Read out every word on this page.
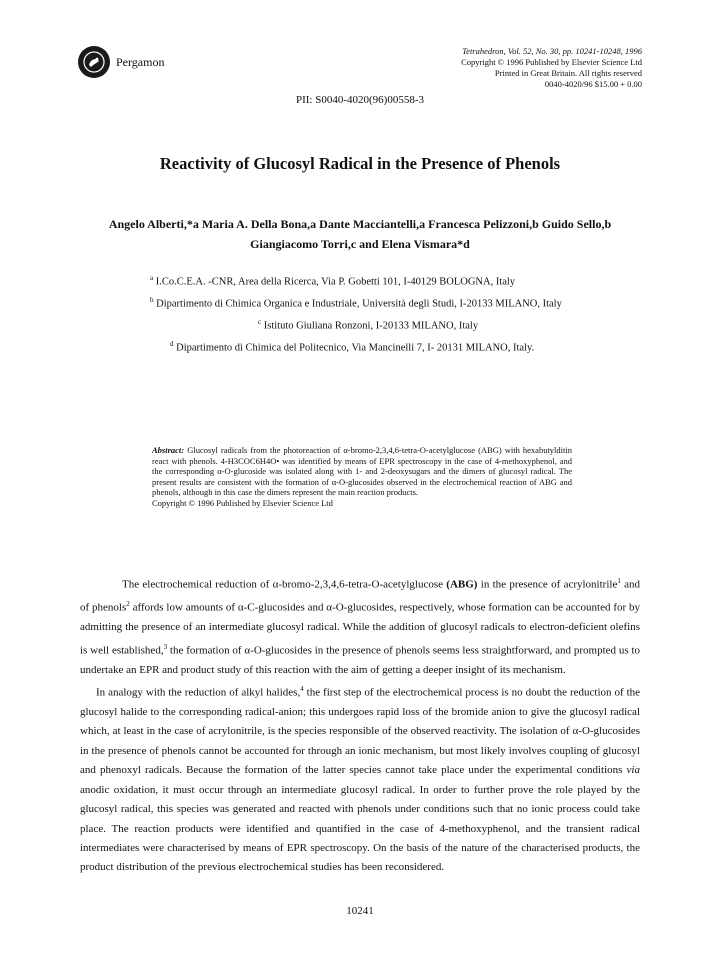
Pergamon
Tetrahedron, Vol. 52, No. 30, pp. 10241-10248, 1996
Copyright © 1996 Published by Elsevier Science Ltd
Printed in Great Britain. All rights reserved
0040-4020/96 $15.00 + 0.00
PII: S0040-4020(96)00558-3
Reactivity of Glucosyl Radical in the Presence of Phenols
Angelo Alberti,*a Maria A. Della Bona,a Dante Macciantelli,a Francesca Pelizzoni,b Guido Sello,b
Giangiacomo Torri,c and Elena Vismara*d
$^a$ I.Co.C.E.A. -CNR, Area della Ricerca, Via P. Gobetti 101, I-40129 BOLOGNA, Italy
$^b$ Dipartimento di Chimica Organica e Industriale, Università degli Studi, I-20133 MILANO, Italy
$^c$ Istituto Giuliana Ronzoni, I-20133 MILANO, Italy
$^d$ Dipartimento di Chimica del Politecnico, Via Mancinelli 7, I- 20131 MILANO, Italy.
Abstract: Glucosyl radicals from the photoreaction of α-bromo-2,3,4,6-tetra-O-acetylglucose (ABG) with hexabutylditin react with phenols. 4-H3COC6H4O• was identified by means of EPR spectroscopy in the case of 4-methoxyphenol, and the corresponding α-O-glucoside was isolated along with 1- and 2-deoxysugars and the dimers of glucosyl radical. The present results are consistent with the formation of α-O-glucosides observed in the electrochemical reaction of ABG and phenols, although in this case the dimers represent the main reaction products.
Copyright © 1996 Published by Elsevier Science Ltd

The electrochemical reduction of α-bromo-2,3,4,6-tetra-O-acetylglucose (ABG) in the presence of acrylonitrile$^1$ and of phenols$^2$ affords low amounts of α-C-glucosides and α-O-glucosides, respectively, whose formation can be accounted for by admitting the presence of an intermediate glucosyl radical. While the addition of glucosyl radicals to electron-deficient olefins is well established,$^3$ the formation of α-O-glucosides in the presence of phenols seems less straightforward, and prompted us to undertake an EPR and product study of this reaction with the aim of getting a deeper insight of its mechanism.

In analogy with the reduction of alkyl halides,$^4$ the first step of the electrochemical process is no doubt the reduction of the glucosyl halide to the corresponding radical-anion; this undergoes rapid loss of the bromide anion to give the glucosyl radical which, at least in the case of acrylonitrile, is the species responsible of the observed reactivity. The isolation of α-O-glucosides in the presence of phenols cannot be accounted for through an ionic mechanism, but most likely involves coupling of glucosyl and phenoxyl radicals. Because the formation of the latter species cannot take place under the experimental conditions via anodic oxidation, it must occur through an intermediate glucosyl radical. In order to further prove the role played by the glucosyl radical, this species was generated and reacted with phenols under conditions such that no ionic process could take place. The reaction products were identified and quantified in the case of 4-methoxyphenol, and the transient radical intermediates were characterised by means of EPR spectroscopy. On the basis of the nature of the characterised products, the product distribution of the previous electrochemical studies has been reconsidered.

10241
